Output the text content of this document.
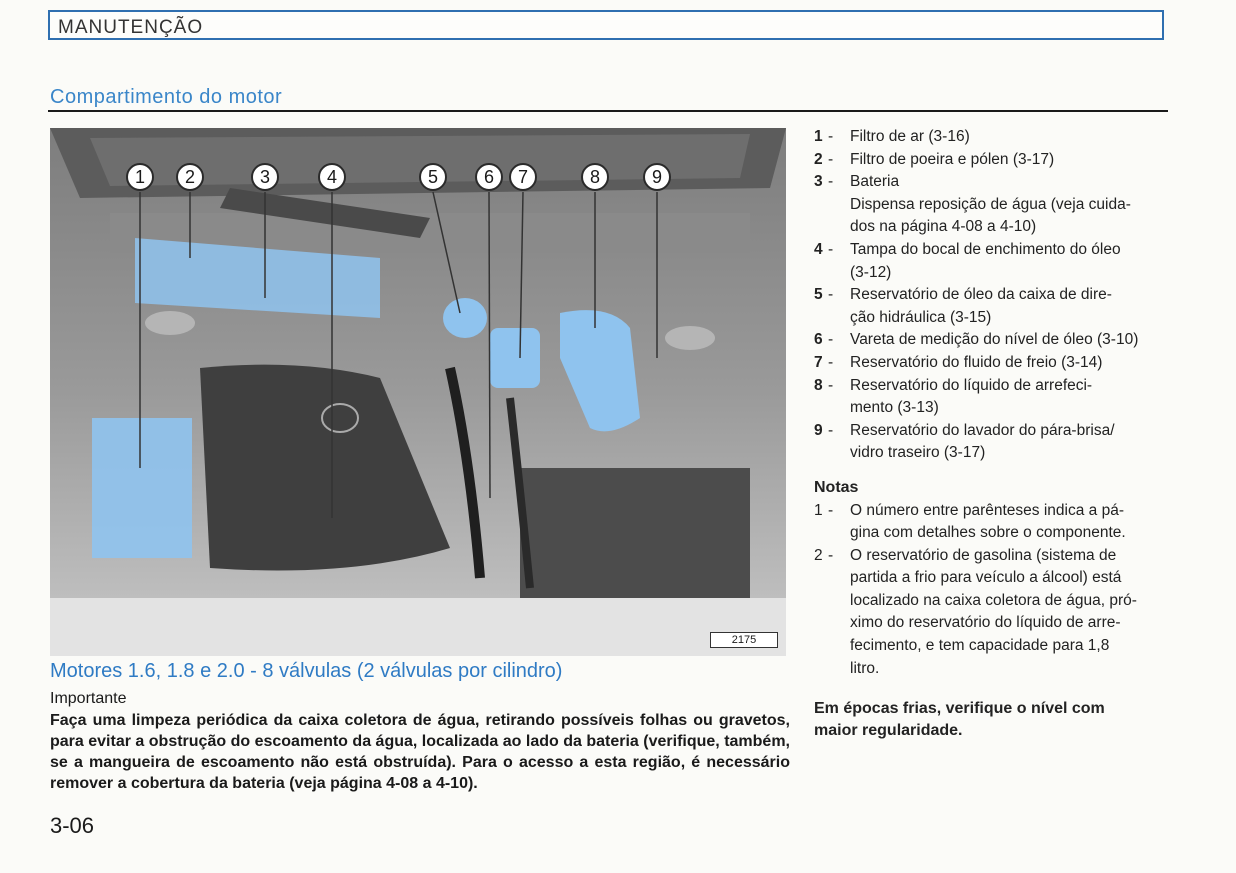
MANUTENÇÃO
Compartimento do motor
1	2	3	4	5	6	7	8	9
2175
Motores 1.6, 1.8 e 2.0 - 8 válvulas (2 válvulas por cilindro)
Importante

Faça uma limpeza periódica da caixa coletora de água, retirando possíveis folhas ou gravetos, para evitar a obstrução do escoamento da água, localizada ao lado da bateria (verifique, também, se a mangueira de escoamento não está obstruída). Para o acesso a esta região, é necessário remover a cobertura da bateria (veja página 4-08 a 4-10).

3-06
1 -	Filtro de ar (3-16)
2 -	Filtro de poeira e pólen (3-17)
3 -	Bateria
Dispensa reposição de água (veja cuida-
dos na página 4-08 a 4-10)
4 -	Tampa do bocal de enchimento do óleo
(3-12)
5 -	Reservatório de óleo da caixa de dire-
ção hidráulica (3-15)
6 -	Vareta de medição do nível de óleo (3-10)
7 -	Reservatório do fluido de freio (3-14)
8 -	Reservatório do líquido de arrefeci-
mento (3-13)
9 -	Reservatório do lavador do pára-brisa/
vidro traseiro (3-17)
Notas
1 -	O número entre parênteses indica a pá-
gina com detalhes sobre o componente.
2 -	O reservatório de gasolina (sistema de
partida a frio para veículo a álcool) está
localizado na caixa coletora de água, pró-
ximo do reservatório do líquido de arre-
fecimento, e tem capacidade para 1,8
litro.
Em épocas frias, verifique o nível com
maior regularidade.
